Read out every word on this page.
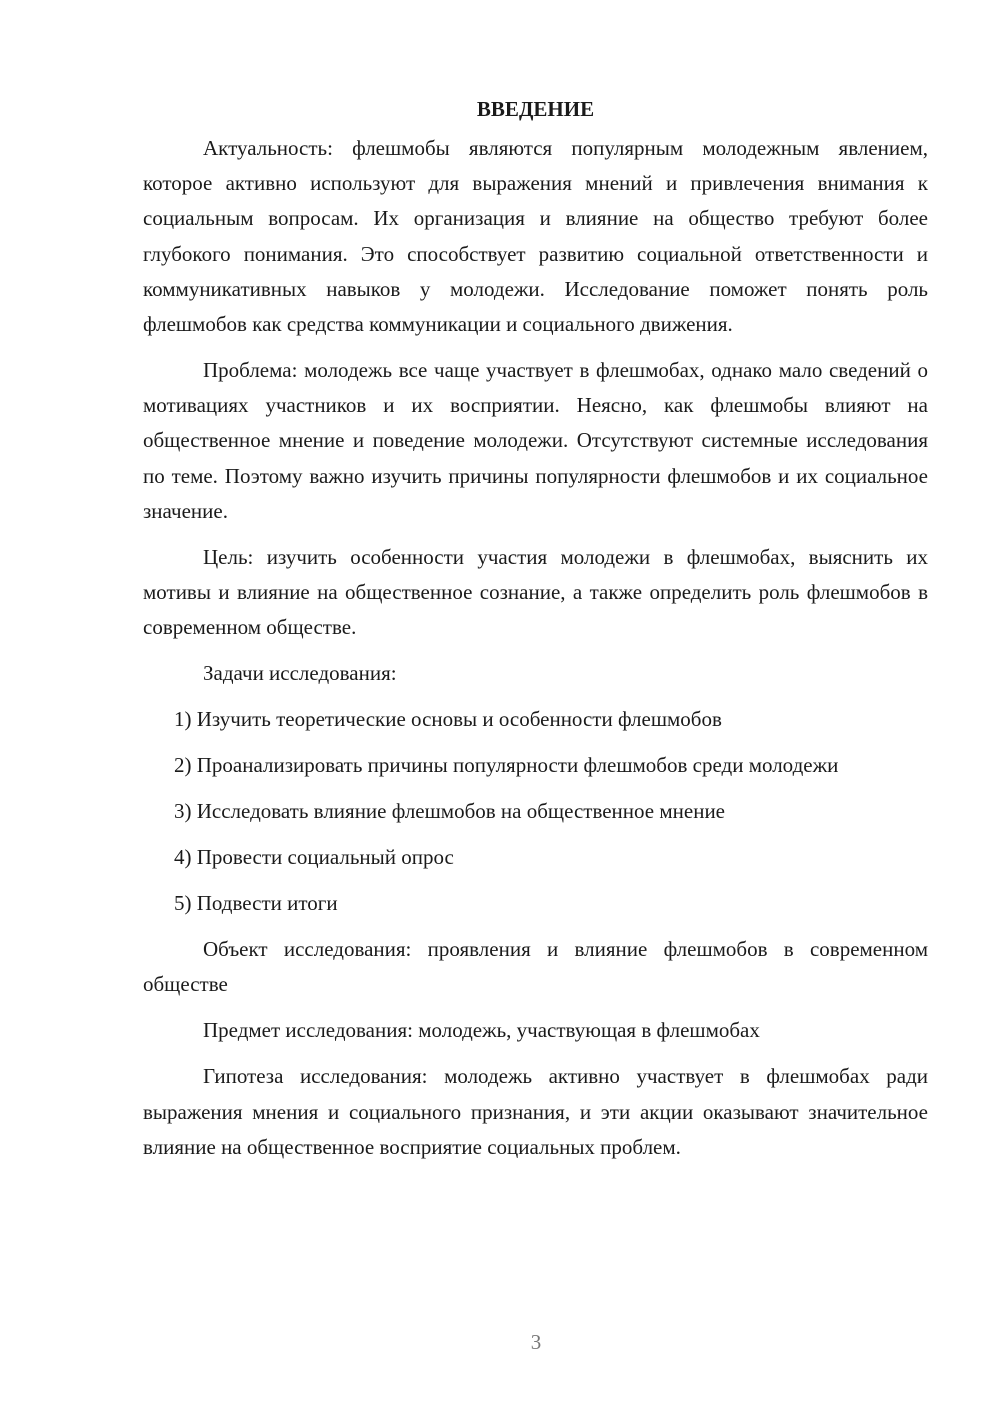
ВВЕДЕНИЕ

Актуальность: флешмобы являются популярным молодежным явлением, которое активно используют для выражения мнений и привлечения внимания к социальным вопросам. Их организация и влияние на общество требуют более глубокого понимания. Это способствует развитию социальной ответственности и коммуникативных навыков у молодежи. Исследование поможет понять роль флешмобов как средства коммуникации и социального движения.

Проблема: молодежь все чаще участвует в флешмобах, однако мало сведений о мотивациях участников и их восприятии. Неясно, как флешмобы влияют на общественное мнение и поведение молодежи. Отсутствуют системные исследования по теме. Поэтому важно изучить причины популярности флешмобов и их социальное значение.

Цель: изучить особенности участия молодежи в флешмобах, выяснить их мотивы и влияние на общественное сознание, а также определить роль флешмобов в современном обществе.

Задачи исследования:

1) Изучить теоретические основы и особенности флешмобов

2) Проанализировать причины популярности флешмобов среди молодежи

3) Исследовать влияние флешмобов на общественное мнение

4) Провести социальный опрос

5) Подвести итоги

Объект исследования: проявления и влияние флешмобов в современном обществе

Предмет исследования: молодежь, участвующая в флешмобах

Гипотеза исследования: молодежь активно участвует в флешмобах ради выражения мнения и социального признания, и эти акции оказывают значительное влияние на общественное восприятие социальных проблем.

3
